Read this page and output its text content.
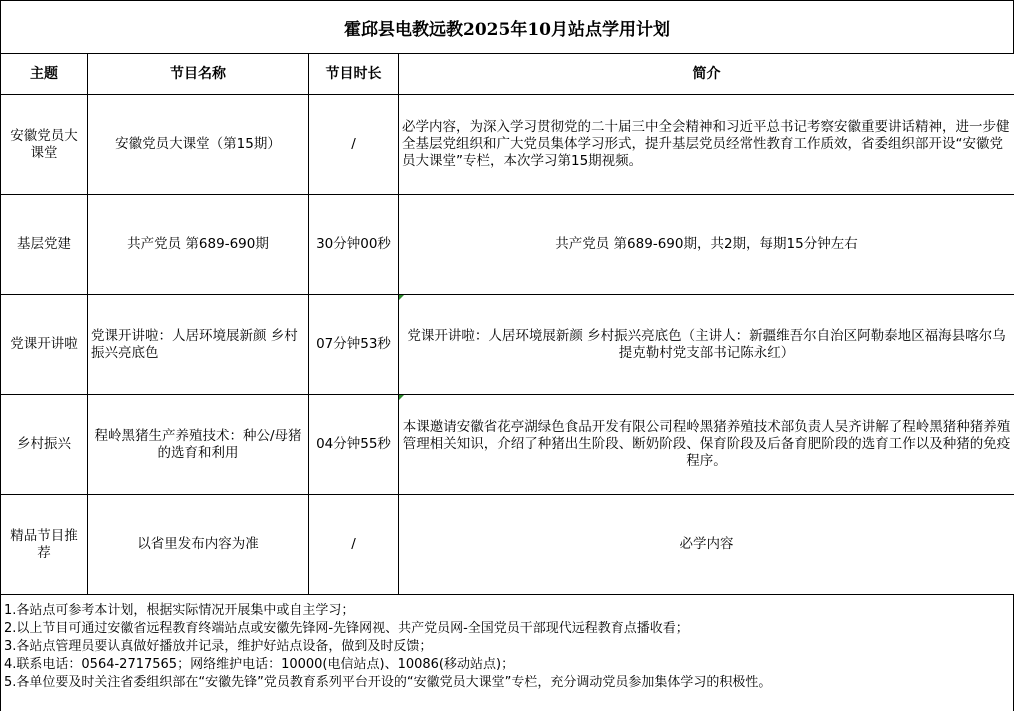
霍邱县电教远教2025年10月站点学用计划
主题	节目名称	节目时长	简介
安徽党员大课堂	安徽党员大课堂（第15期）	/	必学内容，为深入学习贯彻党的二十届三中全会精神和习近平总书记考察安徽重要讲话精神，进一步健全基层党组织和广大党员集体学习形式，提升基层党员经常性教育工作质效，省委组织部开设“安徽党员大课堂”专栏，本次学习第15期视频。
基层党建	共产党员 第689-690期	30分钟00秒	共产党员 第689-690期，共2期，每期15分钟左右
党课开讲啦	党课开讲啦：人居环境展新颜 乡村振兴亮底色	07分钟53秒	党课开讲啦：人居环境展新颜 乡村振兴亮底色（主讲人：新疆维吾尔自治区阿勒泰地区福海县喀尔乌提克勒村党支部书记陈永红）
乡村振兴	程岭黑猪生产养殖技术：种公/母猪的选育和利用	04分钟55秒	本课邀请安徽省花亭湖绿色食品开发有限公司程岭黑猪养殖技术部负责人吴齐讲解了程岭黑猪种猪养殖管理相关知识，介绍了种猪出生阶段、断奶阶段、保育阶段及后备育肥阶段的选育工作以及种猪的免疫程序。
精品节目推荐	以省里发布内容为准	/	必学内容
1.各站点可参考本计划，根据实际情况开展集中或自主学习；
2.以上节目可通过安徽省远程教育终端站点或安徽先锋网-先锋网视、共产党员网-全国党员干部现代远程教育点播收看；
3.各站点管理员要认真做好播放并记录，维护好站点设备，做到及时反馈；
4.联系电话：0564-2717565；网络维护电话：10000(电信站点)、10086(移动站点)；
5.各单位要及时关注省委组织部在“安徽先锋”党员教育系列平台开设的“安徽党员大课堂”专栏，充分调动党员参加集体学习的积极性。
